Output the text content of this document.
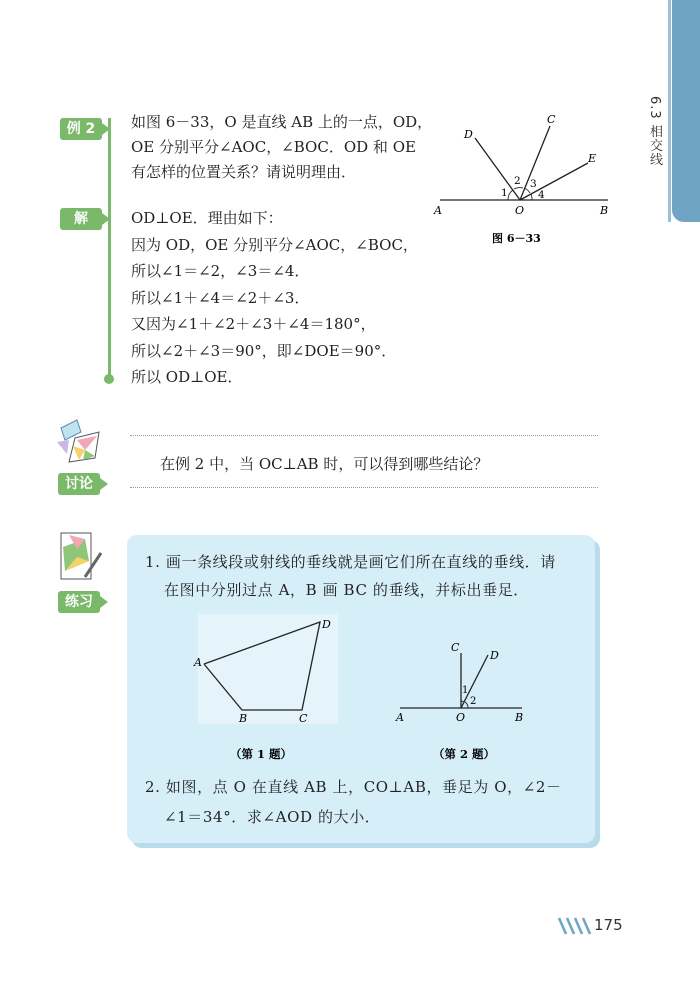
6.3 相交线
例 2	如图 6－33，O 是直线 AB 上的一点，OD，
OE 分别平分∠AOC，∠BOC．OD 和 OE
有怎样的位置关系？请说明理由．
解	OD⊥OE．理由如下：
因为 OD，OE 分别平分∠AOC，∠BOC，
所以∠1＝∠2，∠3＝∠4．
所以∠1＋∠4＝∠2＋∠3．
又因为∠1＋∠2＋∠3＋∠4＝180°，
所以∠2＋∠3＝90°，即∠DOE＝90°．
所以 OD⊥OE．
A	B
O
C
D
E
1
2 3
4
图 6－33
讨论
在例 2 中，当 OC⊥AB 时，可以得到哪些结论？
练习
1. 画一条线段或射线的垂线就是画它们所在直线的垂线．请
在图中分别过点 A，B 画 BC 的垂线，并标出垂足．
A
B	C
D
（第 1 题）
A	B
O
C
D
1
2
（第 2 题）
2. 如图，点 O 在直线 AB 上，CO⊥AB，垂足为 O，∠2－
∠1＝34°．求∠AOD 的大小．
175
